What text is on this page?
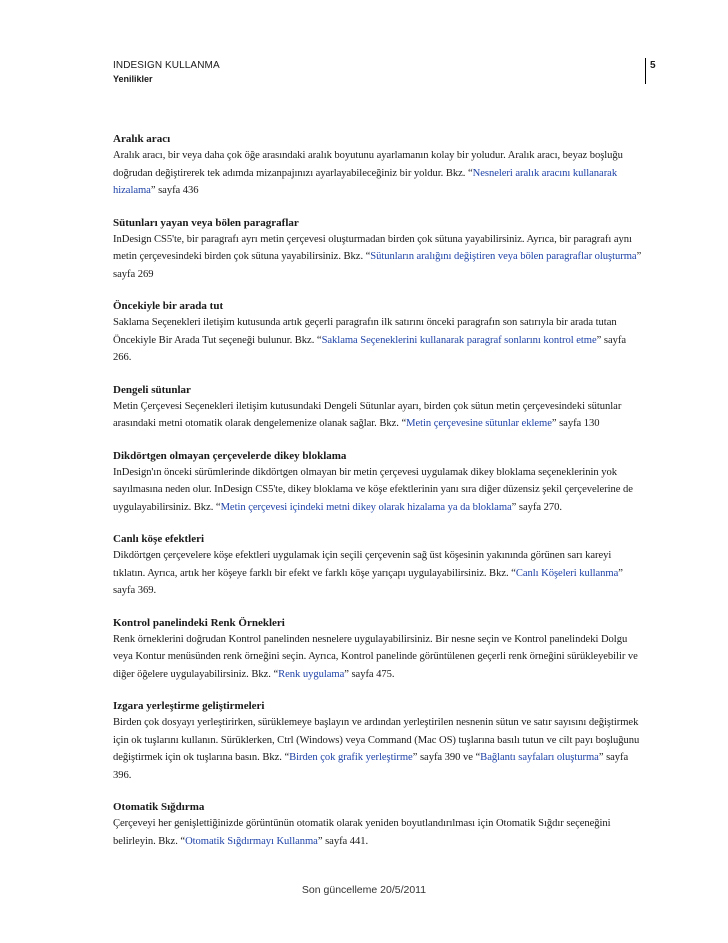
INDESIGN KULLANMA
Yenilikler
5
Aralık aracı

Aralık aracı, bir veya daha çok öğe arasındaki aralık boyutunu ayarlamanın kolay bir yoludur. Aralık aracı, beyaz boşluğu doğrudan değiştirerek tek adımda mizanpajınızı ayarlayabileceğiniz bir yoldur. Bkz. “Nesneleri aralık aracını kullanarak hizalama” sayfa 436

Sütunları yayan veya bölen paragraflar

InDesign CS5'te, bir paragrafı ayrı metin çerçevesi oluşturmadan birden çok sütuna yayabilirsiniz. Ayrıca, bir paragrafı aynı metin çerçevesindeki birden çok sütuna yayabilirsiniz. Bkz. “Sütunların aralığını değiştiren veya bölen paragraflar oluşturma” sayfa 269

Öncekiyle bir arada tut

Saklama Seçenekleri iletişim kutusunda artık geçerli paragrafın ilk satırını önceki paragrafın son satırıyla bir arada tutan Öncekiyle Bir Arada Tut seçeneği bulunur. Bkz. “Saklama Seçeneklerini kullanarak paragraf sonlarını kontrol etme” sayfa 266.

Dengeli sütunlar

Metin Çerçevesi Seçenekleri iletişim kutusundaki Dengeli Sütunlar ayarı, birden çok sütun metin çerçevesindeki sütunlar arasındaki metni otomatik olarak dengelemenize olanak sağlar. Bkz. “Metin çerçevesine sütunlar ekleme” sayfa 130

Dikdörtgen olmayan çerçevelerde dikey bloklama

InDesign'ın önceki sürümlerinde dikdörtgen olmayan bir metin çerçevesi uygulamak dikey bloklama seçeneklerinin yok sayılmasına neden olur. InDesign CS5'te, dikey bloklama ve köşe efektlerinin yanı sıra diğer düzensiz şekil çerçevelerine de uygulayabilirsiniz. Bkz. “Metin çerçevesi içindeki metni dikey olarak hizalama ya da bloklama” sayfa 270.

Canlı köşe efektleri

Dikdörtgen çerçevelere köşe efektleri uygulamak için seçili çerçevenin sağ üst köşesinin yakınında görünen sarı kareyi tıklatın. Ayrıca, artık her köşeye farklı bir efekt ve farklı köşe yarıçapı uygulayabilirsiniz. Bkz. “Canlı Köşeleri kullanma” sayfa 369.

Kontrol panelindeki Renk Örnekleri

Renk örneklerini doğrudan Kontrol panelinden nesnelere uygulayabilirsiniz. Bir nesne seçin ve Kontrol panelindeki Dolgu veya Kontur menüsünden renk örneğini seçin. Ayrıca, Kontrol panelinde görüntülenen geçerli renk örneğini sürükleyebilir ve diğer öğelere uygulayabilirsiniz. Bkz. “Renk uygulama” sayfa 475.

Izgara yerleştirme geliştirmeleri

Birden çok dosyayı yerleştirirken, sürüklemeye başlayın ve ardından yerleştirilen nesnenin sütun ve satır sayısını değiştirmek için ok tuşlarını kullanın. Sürüklerken, Ctrl (Windows) veya Command (Mac OS) tuşlarına basılı tutun ve cilt payı boşluğunu değiştirmek için ok tuşlarına basın. Bkz. “Birden çok grafik yerleştirme” sayfa 390 ve “Bağlantı sayfaları oluşturma” sayfa 396.

Otomatik Sığdırma

Çerçeveyi her genişlettiğinizde görüntünün otomatik olarak yeniden boyutlandırılması için Otomatik Sığdır seçeneğini belirleyin. Bkz. “Otomatik Sığdırmayı Kullanma” sayfa 441.

Son güncelleme 20/5/2011
